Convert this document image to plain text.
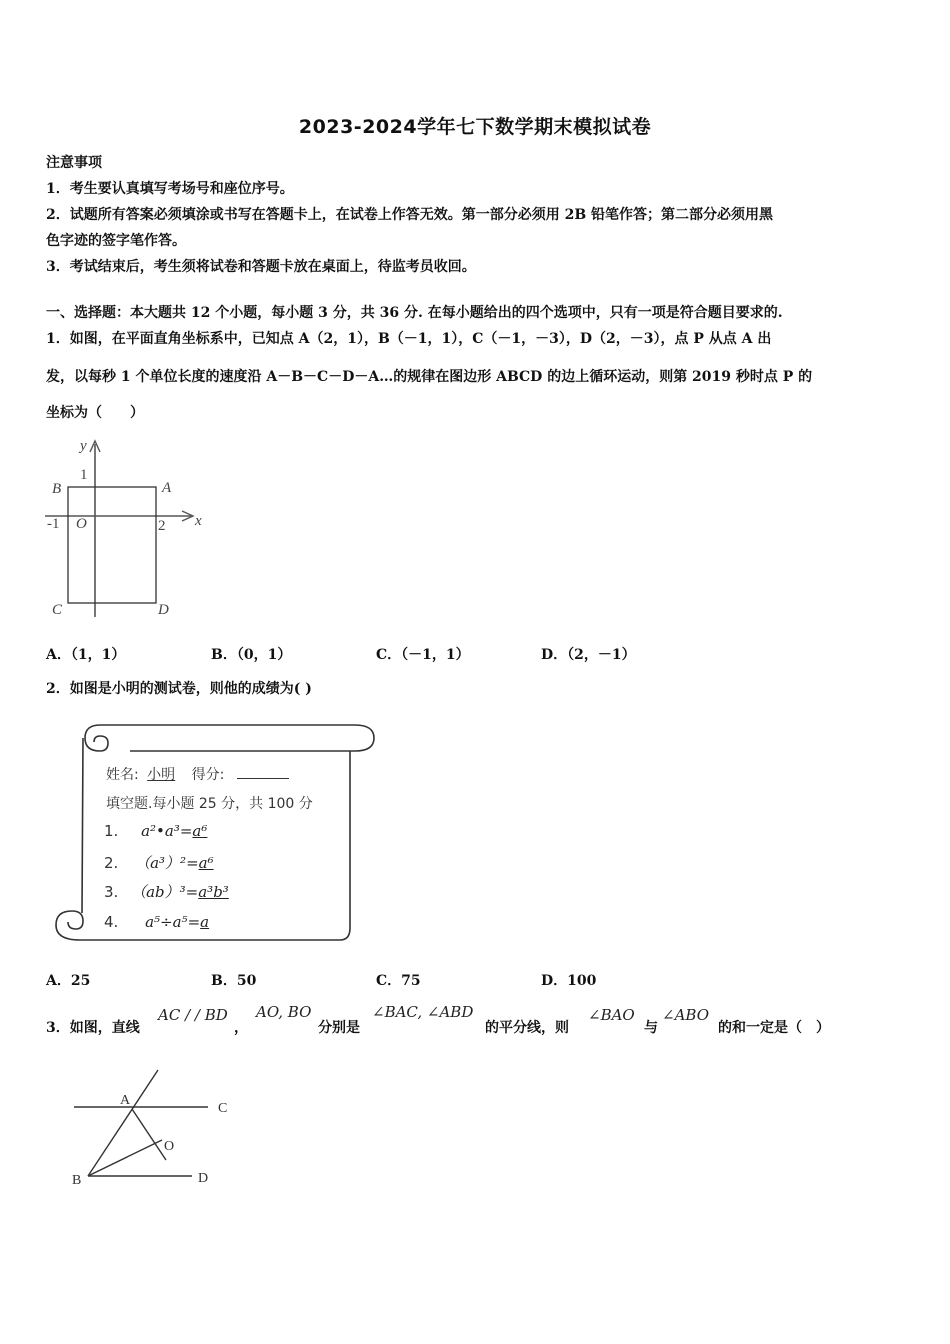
2023-2024学年七下数学期末模拟试卷
注意事项
1．考生要认真填写考场号和座位序号。
2．试题所有答案必须填涂或书写在答题卡上，在试卷上作答无效。第一部分必须用 2B 铅笔作答；第二部分必须用黑
色字迹的签字笔作答。
3．考试结束后，考生须将试卷和答题卡放在桌面上，待监考员收回。
一、选择题：本大题共 12 个小题，每小题 3 分，共 36 分. 在每小题给出的四个选项中，只有一项是符合题目要求的.
1．如图，在平面直角坐标系中，已知点 A（2，1），B（－1，1），C（－1，－3），D（2，－3），点 P 从点 A 出
发，以每秒 1 个单位长度的速度沿 A－B－C－D－A…的规律在图边形 ABCD 的边上循环运动，则第 2019 秒时点 P 的
坐标为（　　）
y
x
1
-1 O	2
A
B
C	D
A．（1，1）	B．（0，1）	C．（－1，1）	D．（2，－1）
2．如图是小明的测试卷，则他的成绩为( )
姓名: 小明 得分:
填空题.每小题 25 分，共 100 分
1. a²•a³=a⁶
2. （a³）²=a⁶
3. （ab）³=a³b³
4. a⁵÷a⁵=a
A．25	B．50	C．75	D．100
3．如图，直线
AC / / BD
，
AO, BO
分别是
∠BAC, ∠ABD
的平分线，则
∠BAO
与
∠ABO
的和一定是（　）
A
C
B	D
O
